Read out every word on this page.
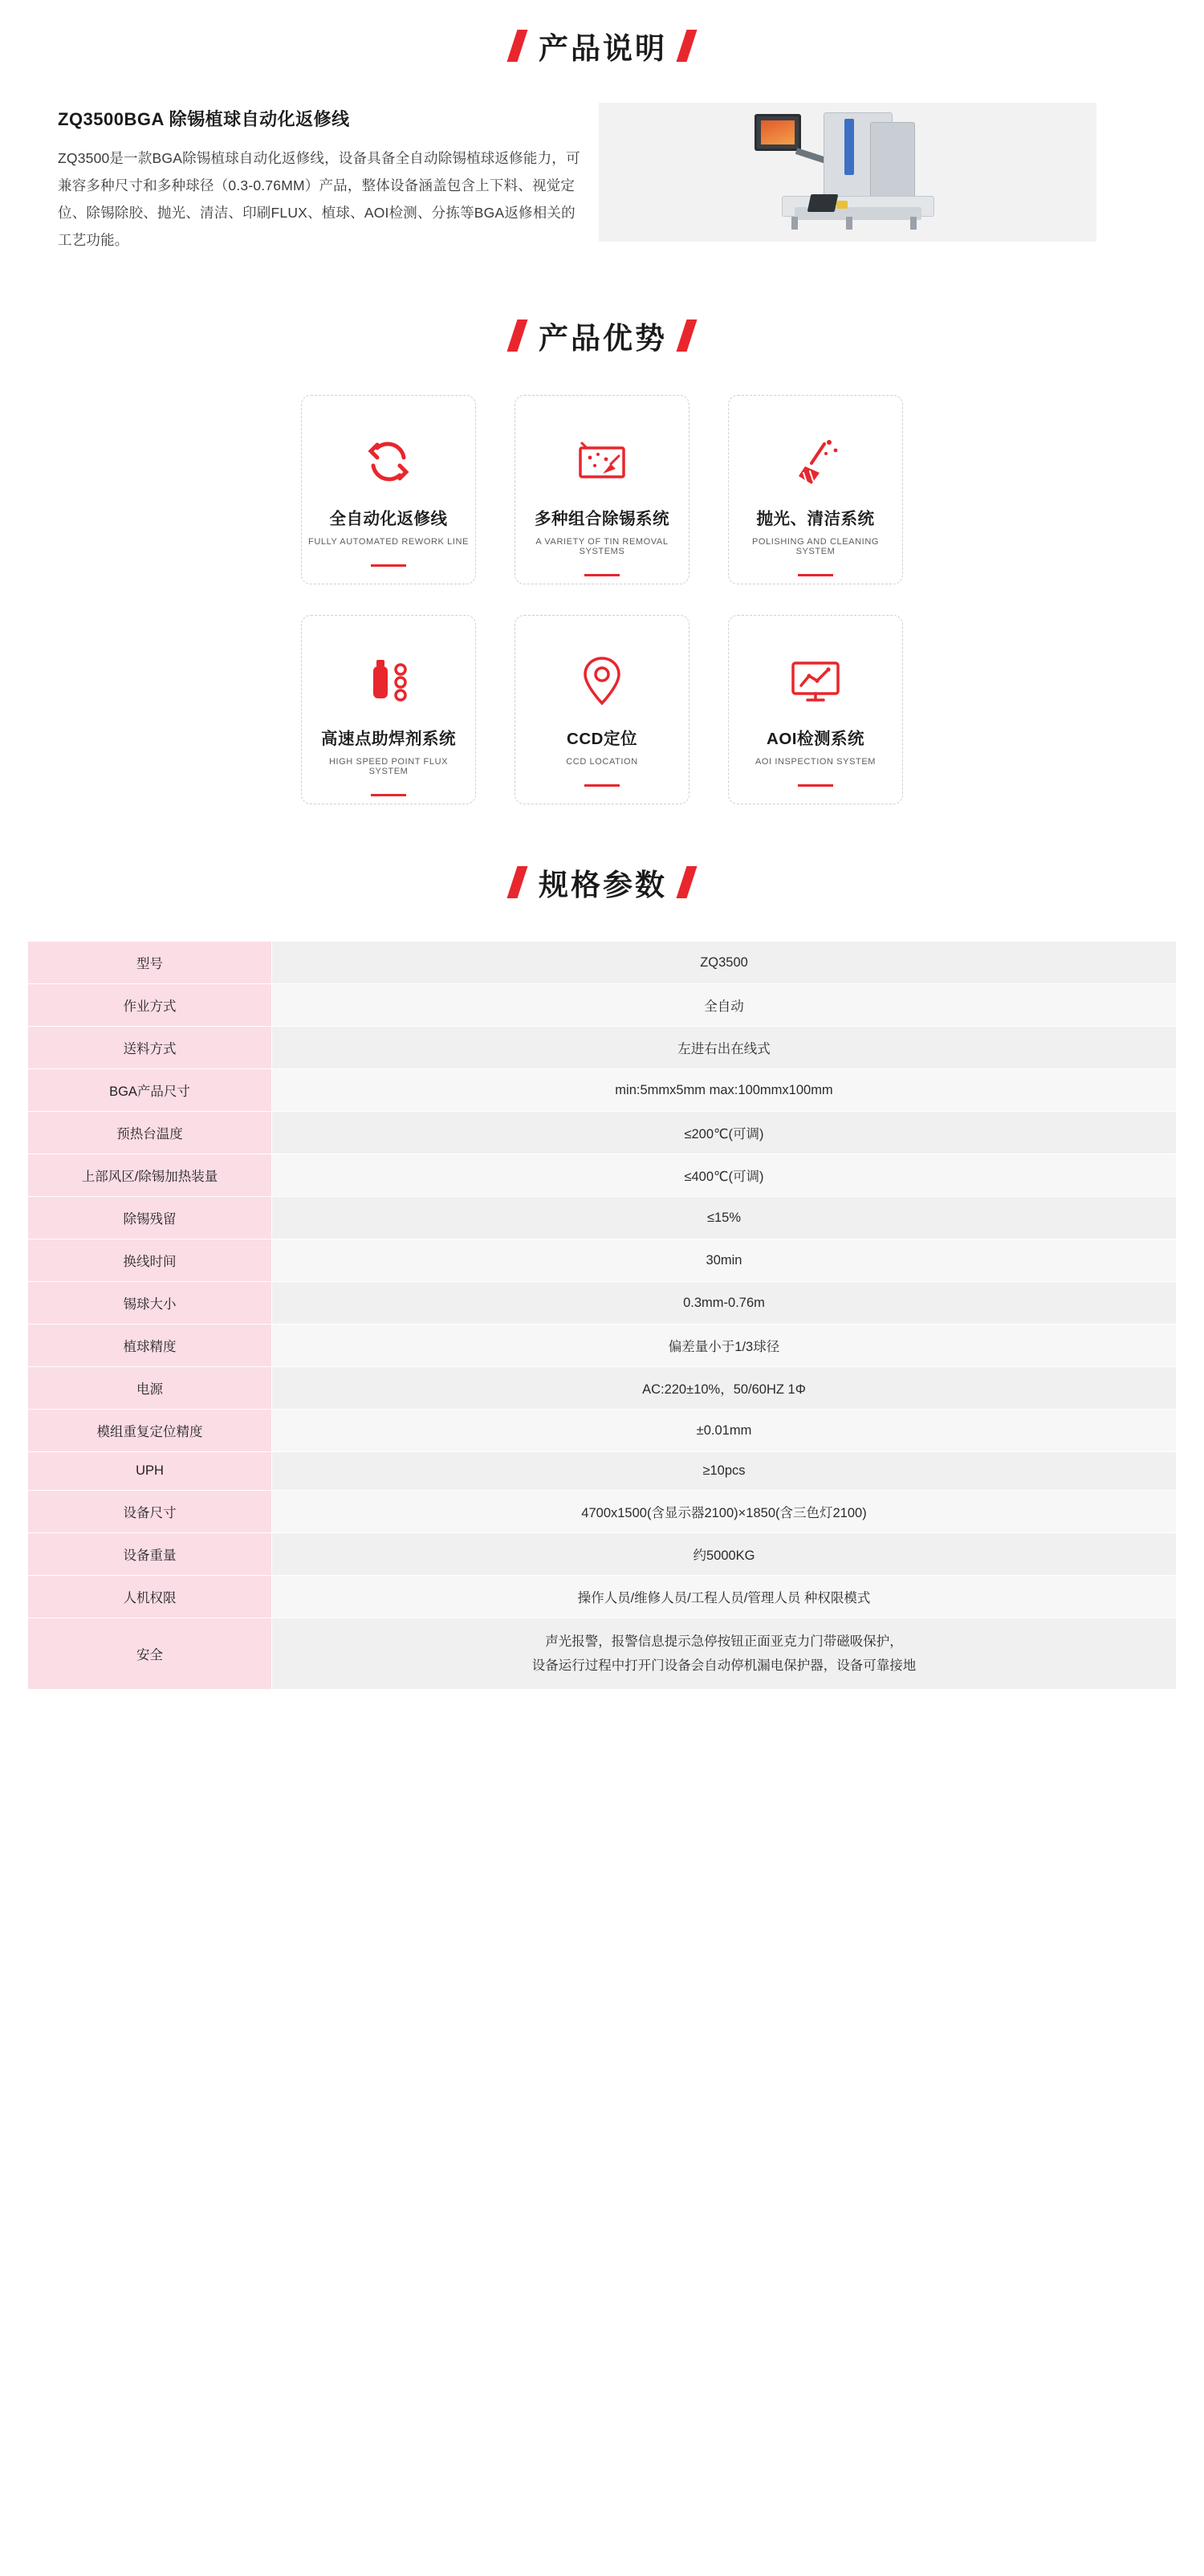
产品说明
ZQ3500BGA 除锡植球自动化返修线
ZQ3500是一款BGA除锡植球自动化返修线，设备具备全自动除锡植球返修能力，可兼容多种尺寸和多种球径（0.3-0.76MM）产品，整体设备涵盖包含上下料、视觉定位、除锡除胶、抛光、清洁、印刷FLUX、植球、AOI检测、分拣等BGA返修相关的工艺功能。
产品优势
全自动化返修线
FULLY AUTOMATED REWORK LINE
多种组合除锡系统
A VARIETY OF TIN REMOVAL SYSTEMS
抛光、清洁系统
POLISHING AND CLEANING SYSTEM
高速点助焊剂系统
HIGH SPEED POINT FLUX SYSTEM
CCD定位
CCD LOCATION
AOI检测系统
AOI INSPECTION SYSTEM
规格参数
型号	ZQ3500
作业方式	全自动
送料方式	左进右出在线式
BGA产品尺寸	min:5mmx5mm max:100mmx100mm
预热台温度	≤200℃(可调)
上部风区/除锡加热装量	≤400℃(可调)
除锡残留	≤15%
换线时间	30min
锡球大小	0.3mm-0.76m
植球精度	偏差量小于1/3球径
电源	AC:220±10%，50/60HZ 1Φ
模组重复定位精度	±0.01mm
UPH	≥10pcs
设备尺寸	4700x1500(含显示器2100)×1850(含三色灯2100)
设备重量	约5000KG
人机权限	操作人员/维修人员/工程人员/管理人员 种权限模式
安全	声光报警，报警信息提示急停按钮正面亚克力门带磁吸保护，
设备运行过程中打开门设备会自动停机漏电保护器，设备可靠接地
